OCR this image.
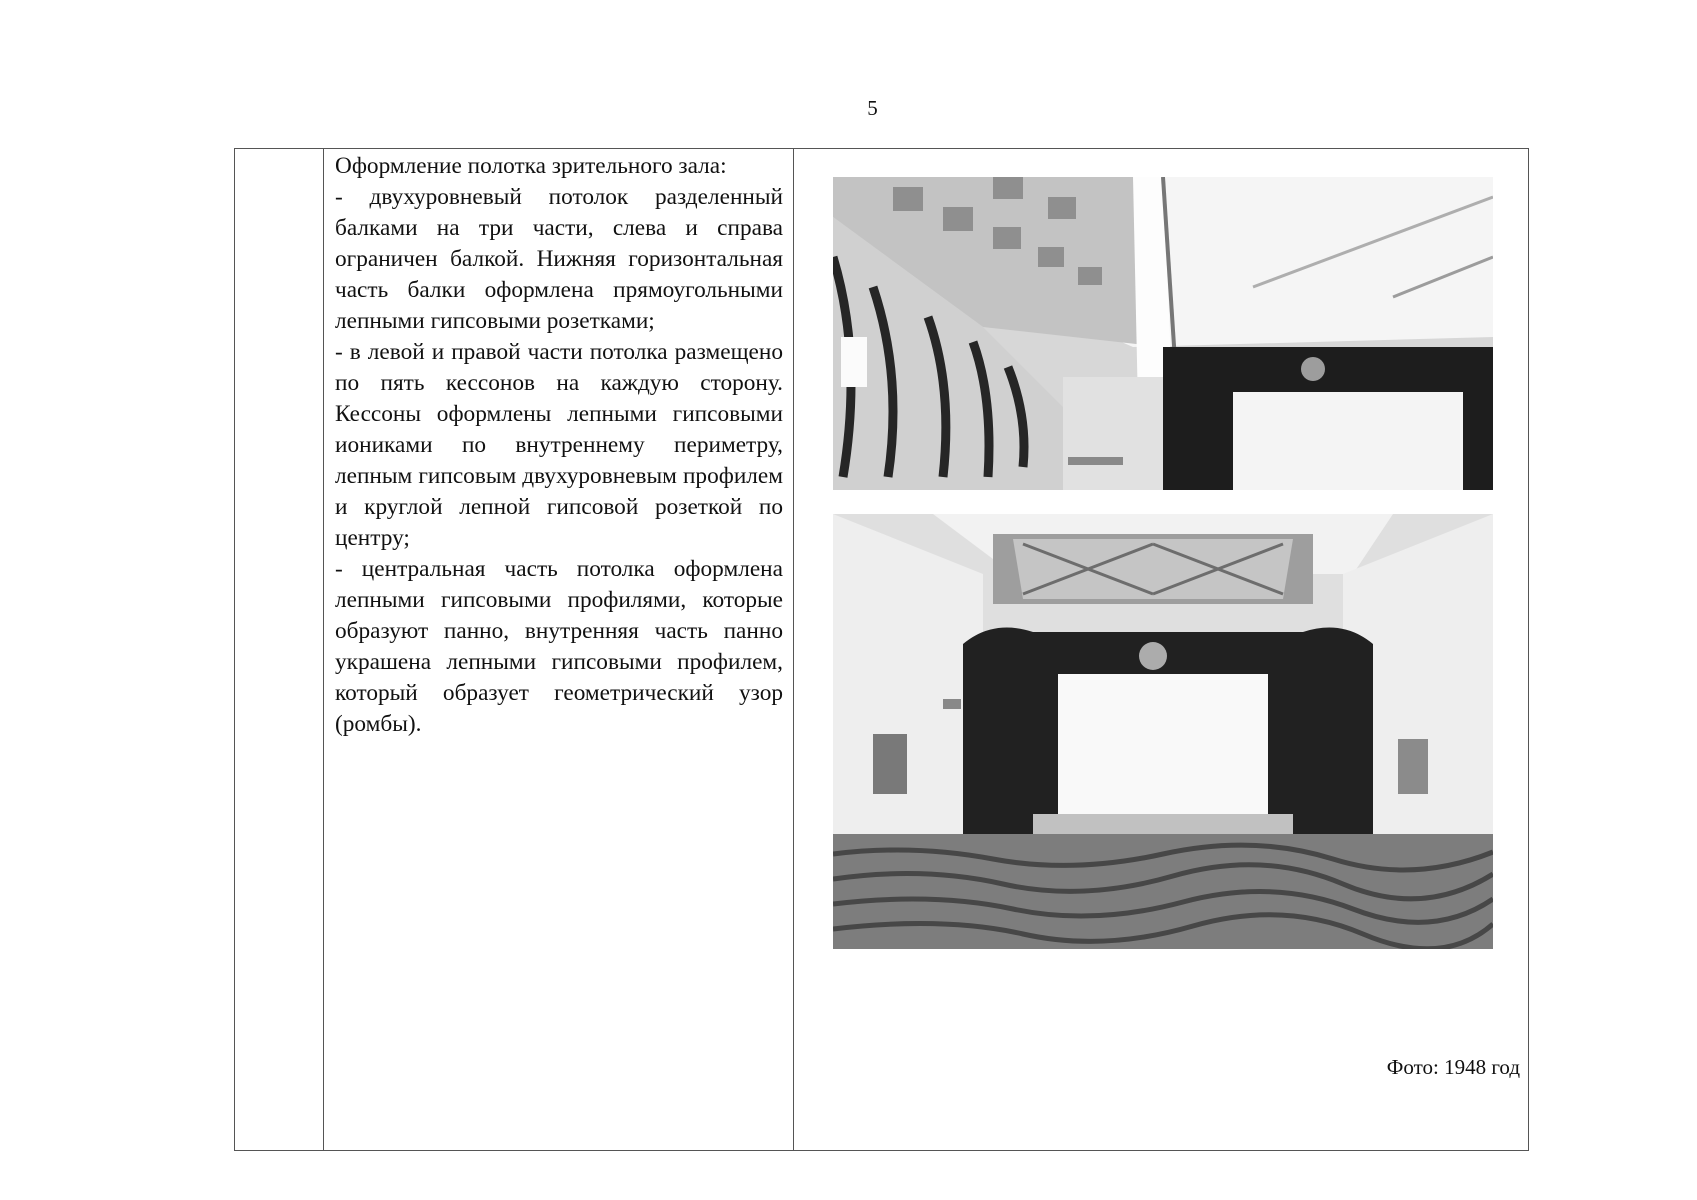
5

Оформление полотка зрительного зала:

- двухуровневый потолок разделенный балками на три части, слева и справа ограничен балкой. Нижняя горизонтальная часть балки оформлена прямоугольными лепными гипсовыми розетками;

- в левой и правой части потолка размещено по пять кессонов на каждую сторону. Кессоны оформлены лепными гипсовыми иониками по внутреннему периметру, лепным гипсовым двухуровневым профилем и круглой лепной гипсовой розеткой по центру;

- центральная часть потолка оформлена лепными гипсовыми профилями, которые образуют панно, внутренняя часть панно украшена лепными гипсовыми профилем, который образует геометрический узор (ромбы).

Фото: 1948 год
